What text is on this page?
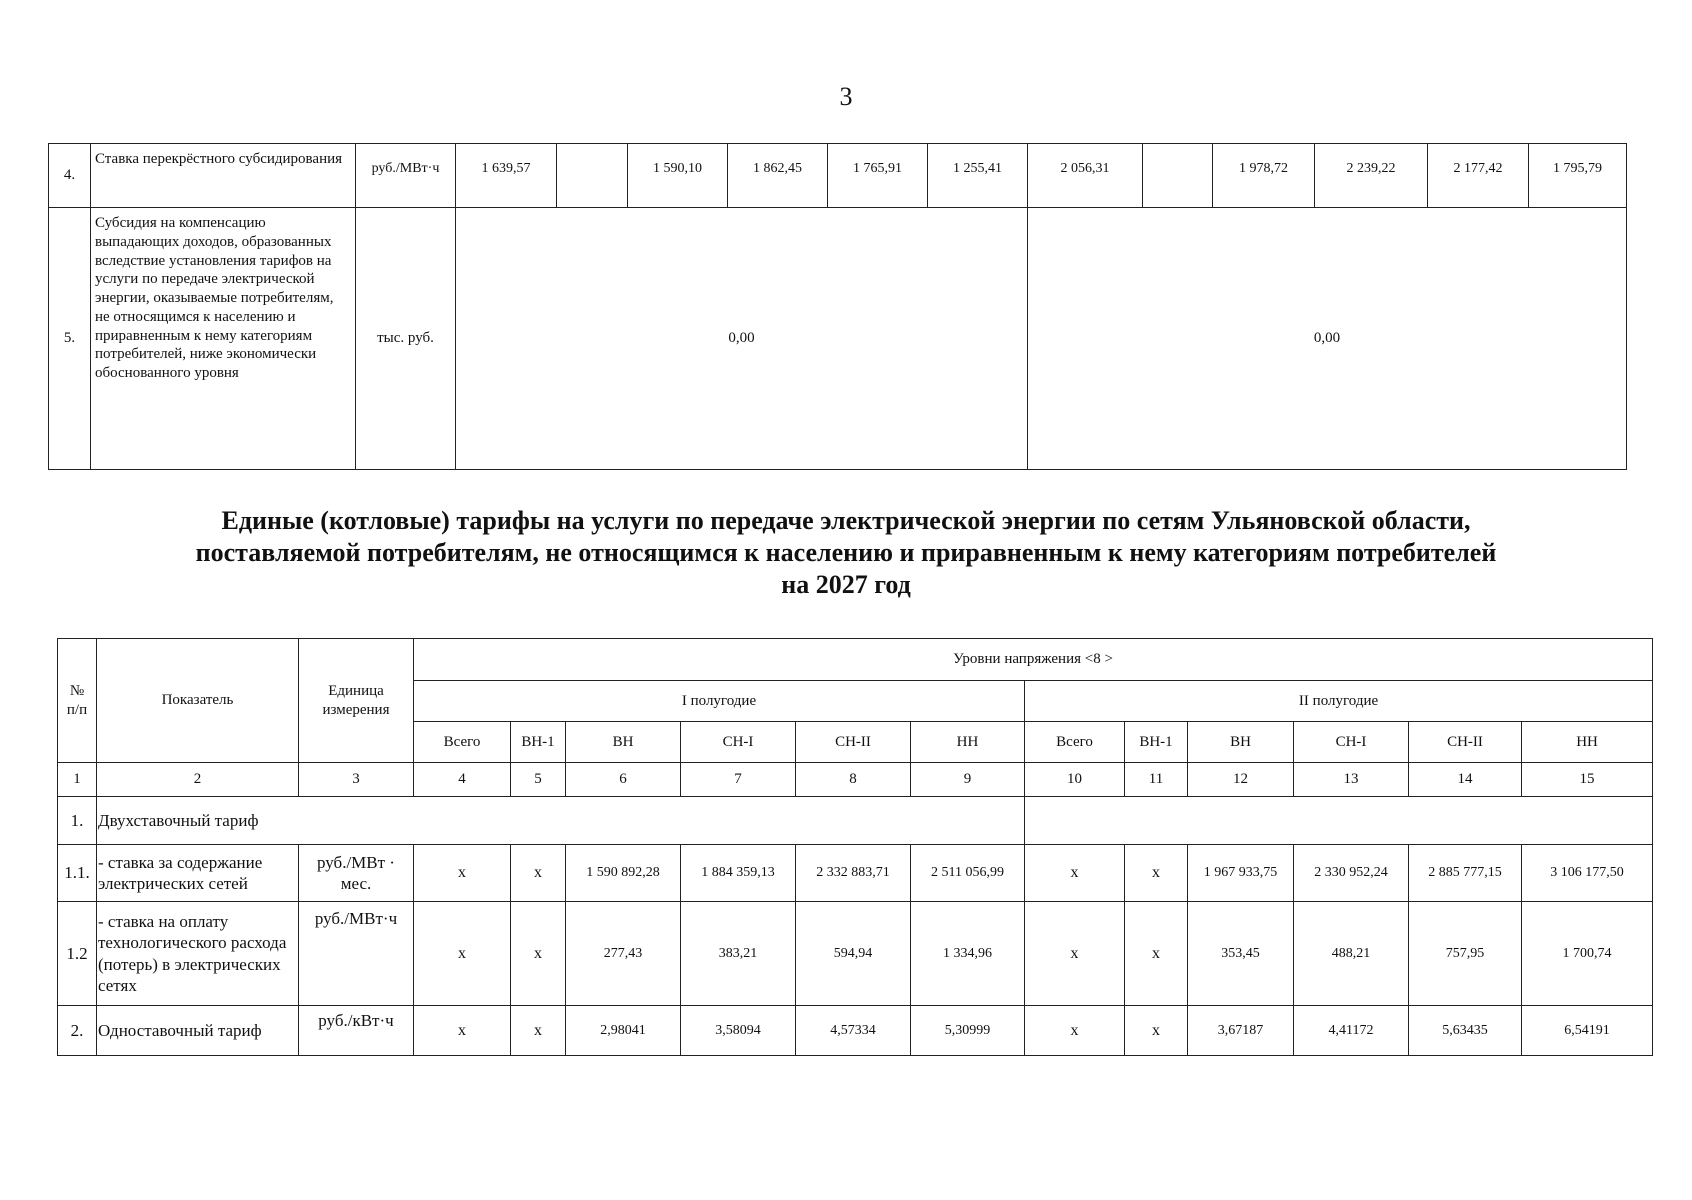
3
4.	Ставка перекрёстного субсидирования	руб./МВт·ч	1 639,57		1 590,10	1 862,45	1 765,91	1 255,41	2 056,31		1 978,72	2 239,22	2 177,42	1 795,79
5.	Субсидия на компенсацию выпадающих доходов, образованных вследствие установления тарифов на услуги по передаче электрической энергии, оказываемые потребителям, не относящимся к населению и приравненным к нему категориям потребителей, ниже экономически обоснованного уровня	тыс. руб.	0,00						0,00					
Единые (котловые) тарифы на услуги по передаче электрической энергии по сетям Ульяновской области,
поставляемой потребителям, не относящимся к населению и приравненным к нему категориям потребителей
на 2027 год
№ п/п	Показатель	Единица измерения	Уровни напряжения <8 >											
			I полугодие						II полугодие					
			Всего	ВН-1	ВН	СН-I	СН-II	НН	Всего	ВН-1	ВН	СН-I	СН-II	НН
1	2	3	4	5	6	7	8	9	10	11	12	13	14	15
1.	Двухставочный тариф													
1.1.	- ставка за содержание электрических сетей	руб./МВт · мес.	x	x	1 590 892,28	1 884 359,13	2 332 883,71	2 511 056,99	x	x	1 967 933,75	2 330 952,24	2 885 777,15	3 106 177,50
1.2	- ставка на оплату технологического расхода (потерь) в электрических сетях	руб./МВт·ч	x	x	277,43	383,21	594,94	1 334,96	x	x	353,45	488,21	757,95	1 700,74
2.	Одноставочный тариф	руб./кВт·ч	x	x	2,98041	3,58094	4,57334	5,30999	x	x	3,67187	4,41172	5,63435	6,54191
